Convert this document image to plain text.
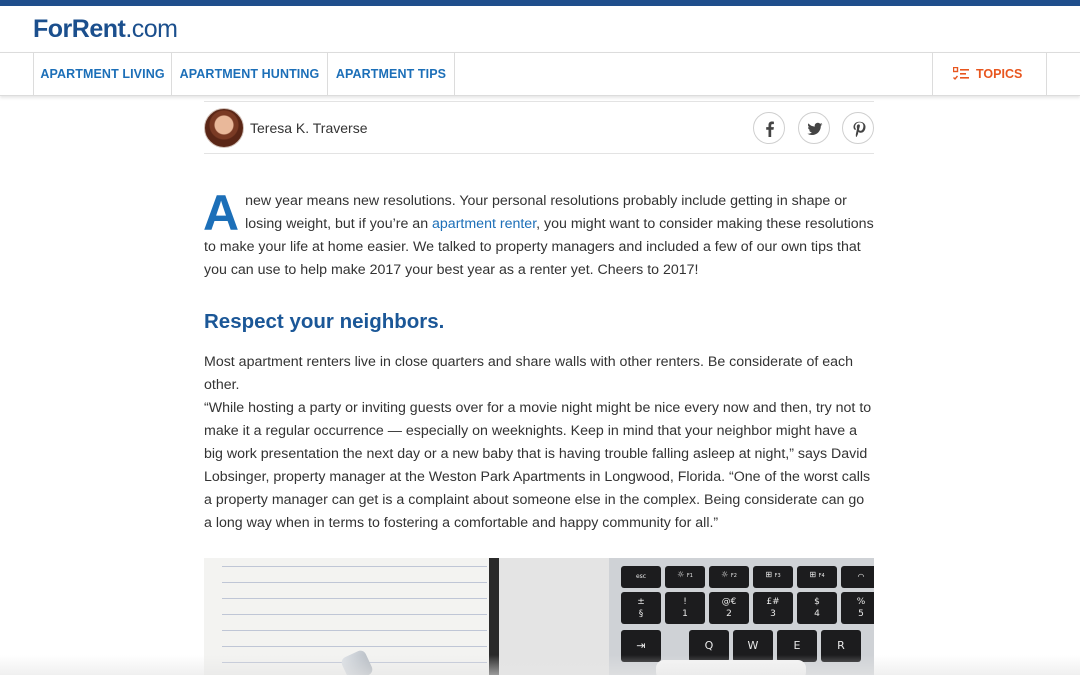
ForRent.com
APARTMENT LIVING	APARTMENT HUNTING	APARTMENT TIPS	TOPICS
Teresa K. Traverse

Anew year means new resolutions. Your personal resolutions probably include getting in shape or losing weight, but if you’re an apartment renter, you might want to consider making these resolutions to make your life at home easier. We talked to property managers and included a few of our own tips that you can use to help make 2017 your best year as a renter yet. Cheers to 2017!

Respect your neighbors.

Most apartment renters live in close quarters and share walls with other renters. Be considerate of each other.

“While hosting a party or inviting guests over for a movie night might be nice every now and then, try not to make it a regular occurrence — especially on weeknights. Keep in mind that your neighbor might have a big work presentation the next day or a new baby that is having trouble falling asleep at night,” says David Lobsinger, property manager at the Weston Park Apartments in Longwood, Florida. “One of the worst calls a property manager can get is a complaint about someone else in the complex. Being considerate can go a long way when in terms to fostering a comfortable and happy community for all.”

esc	☼ F1	☼ F2	⊞ F3	⊞ F4	◠
±
§
!
1
@€
2
£#
3
$
4
%
5
⇥	Q	W	E	R
